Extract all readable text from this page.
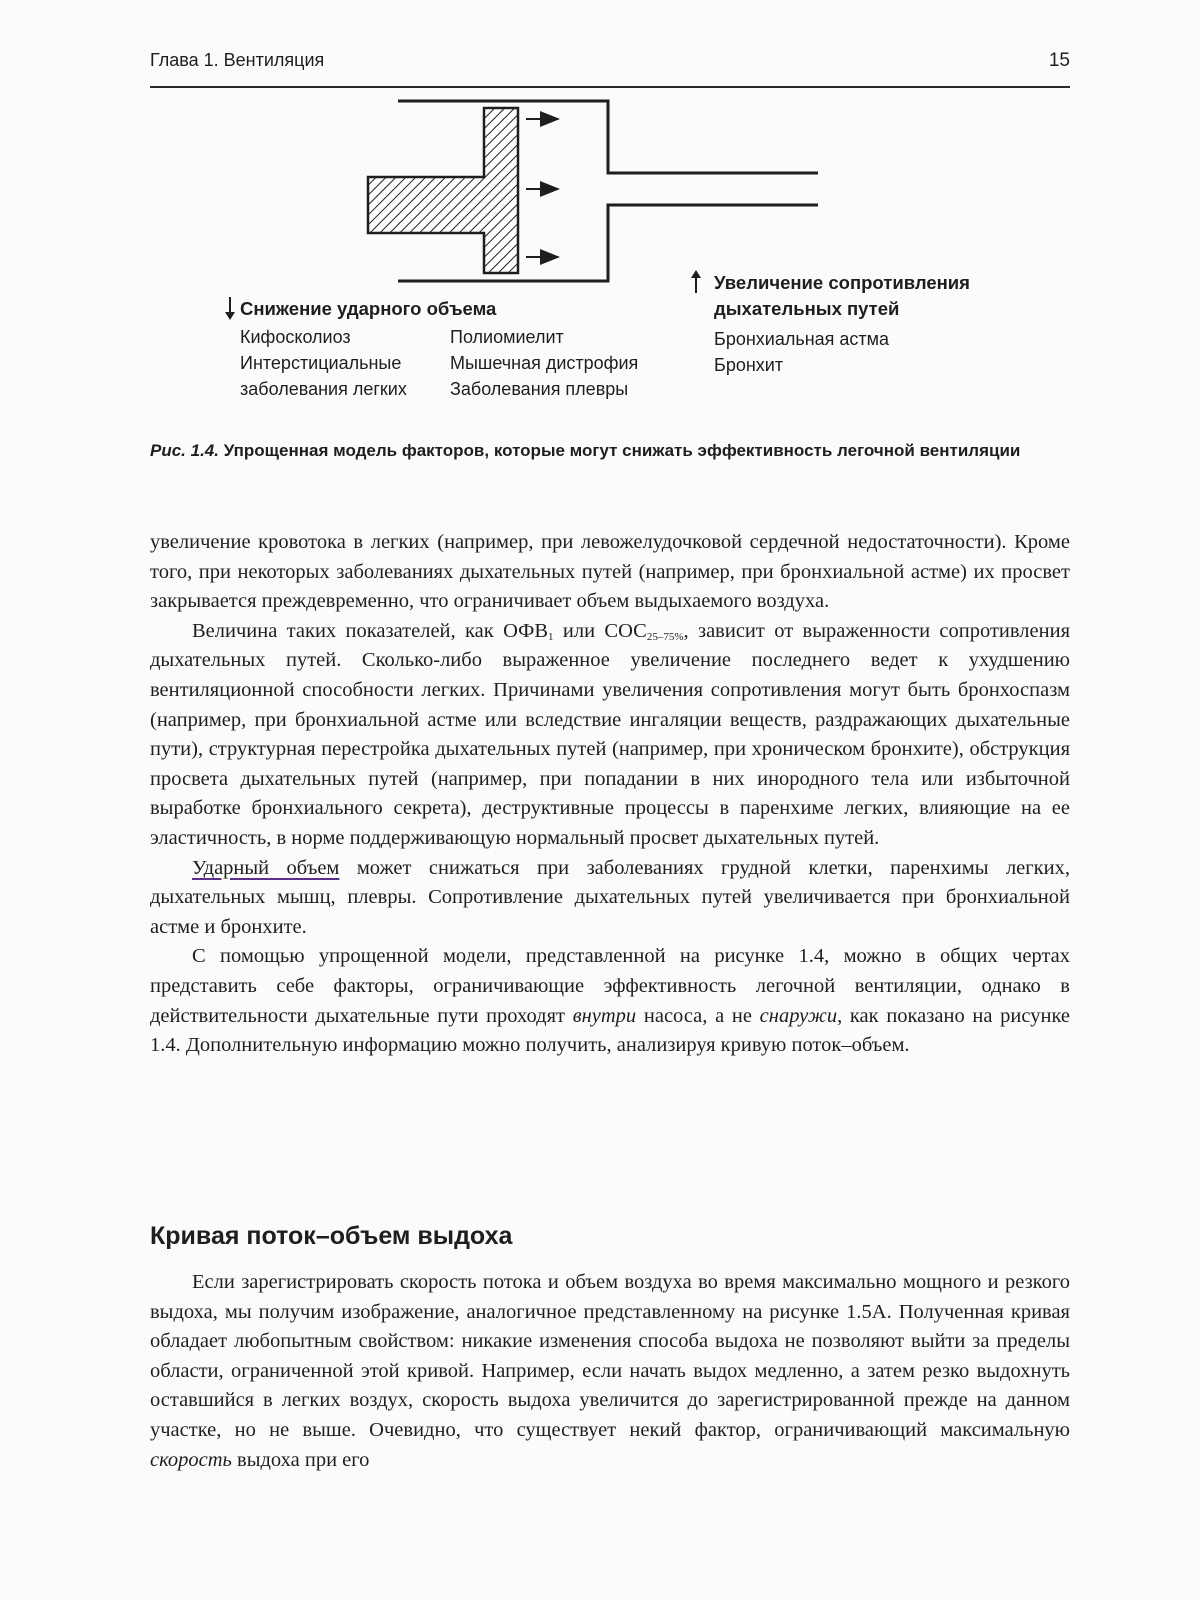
Глава 1. Вентиляция	15
Увеличение сопротивления
дыхательных путей
Бронхиальная астма
Бронхит
Снижение ударного объема
Кифосколиоз
Интерстициальные
заболевания легких
Полиомиелит
Мышечная дистрофия
Заболевания плевры
Рис. 1.4. Упрощенная модель факторов, которые могут снижать эффективность легочной вентиляции

увеличение кровотока в легких (например, при левожелудочковой сердечной недостаточности). Кроме того, при некоторых заболеваниях дыхательных путей (например, при бронхиальной астме) их просвет закрывается преждевременно, что ограничивает объем выдыхаемого воздуха.

Величина таких показателей, как $ОФВ_1$ или $СОС_{25-75\%}$, зависит от выраженности сопротивления дыхательных путей. Сколько-либо выраженное увеличение последнего ведет к ухудшению вентиляционной способности легких. Причинами увеличения сопротивления могут быть бронхоспазм (например, при бронхиальной астме или вследствие ингаляции веществ, раздражающих дыхательные пути), структурная перестройка дыхательных путей (например, при хроническом бронхите), обструкция просвета дыхательных путей (например, при попадании в них инородного тела или избыточной выработке бронхиального секрета), деструктивные процессы в паренхиме легких, влияющие на ее эластичность, в норме поддерживающую нормальный просвет дыхательных путей.

Ударный объем может снижаться при заболеваниях грудной клетки, паренхимы легких, дыхательных мышц, плевры. Сопротивление дыхательных путей увеличивается при бронхиальной астме и бронхите.

С помощью упрощенной модели, представленной на рисунке 1.4, можно в общих чертах представить себе факторы, ограничивающие эффективность легочной вентиляции, однако в действительности дыхательные пути проходят внутри насоса, а не снаружи, как показано на рисунке 1.4. Дополнительную информацию можно получить, анализируя кривую поток–объем.

Кривая поток–объем выдоха

Если зарегистрировать скорость потока и объем воздуха во время максимально мощного и резкого выдоха, мы получим изображение, аналогичное представленному на рисунке 1.5А. Полученная кривая обладает любопытным свойством: никакие изменения способа выдоха не позволяют выйти за пределы области, ограниченной этой кривой. Например, если начать выдох медленно, а затем резко выдохнуть оставшийся в легких воздух, скорость выдоха увеличится до зарегистрированной прежде на данном участке, но не выше. Очевидно, что существует некий фактор, ограничивающий максимальную скорость выдоха при его
